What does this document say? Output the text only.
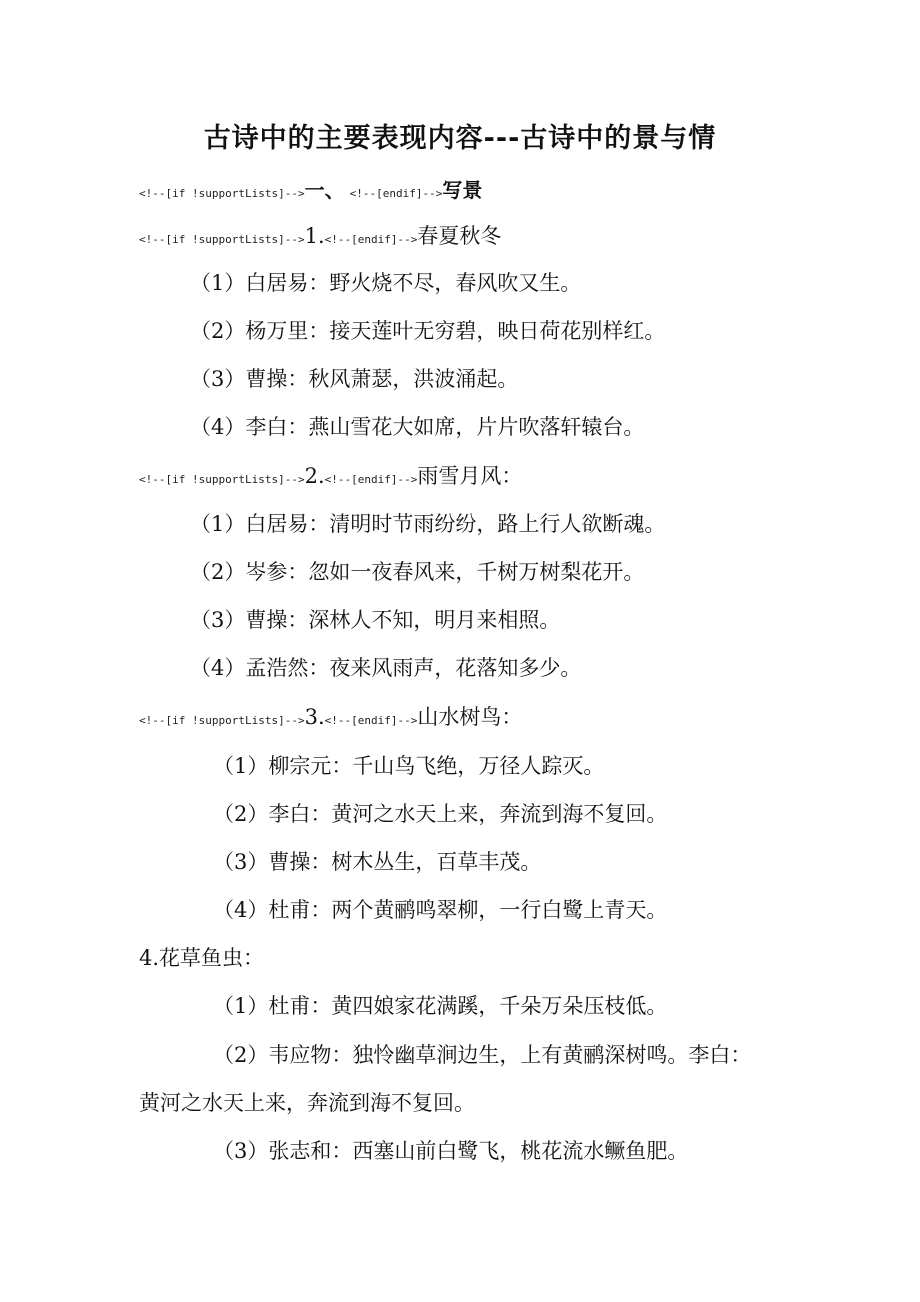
古诗中的主要表现内容---古诗中的景与情
<!--[if !supportLists]-->一、 <!--[endif]-->写景
<!--[if !supportLists]-->1.<!--[endif]-->春夏秋冬

（1）白居易：野火烧不尽，春风吹又生。

（2）杨万里：接天莲叶无穷碧，映日荷花别样红。

（3）曹操：秋风萧瑟，洪波涌起。

（4）李白：燕山雪花大如席，片片吹落轩辕台。

<!--[if !supportLists]-->2.<!--[endif]-->雨雪月风：

（1）白居易：清明时节雨纷纷，路上行人欲断魂。

（2）岑参：忽如一夜春风来，千树万树梨花开。

（3）曹操：深林人不知，明月来相照。

（4）孟浩然：夜来风雨声，花落知多少。

<!--[if !supportLists]-->3.<!--[endif]-->山水树鸟：

（1）柳宗元：千山鸟飞绝，万径人踪灭。

（2）李白：黄河之水天上来，奔流到海不复回。

（3）曹操：树木丛生，百草丰茂。

（4）杜甫：两个黄鹂鸣翠柳，一行白鹭上青天。

4.花草鱼虫：

（1）杜甫：黄四娘家花满蹊，千朵万朵压枝低。

（2）韦应物：独怜幽草涧边生，上有黄鹂深树鸣。李白：

黄河之水天上来，奔流到海不复回。

（3）张志和：西塞山前白鹭飞，桃花流水鳜鱼肥。
